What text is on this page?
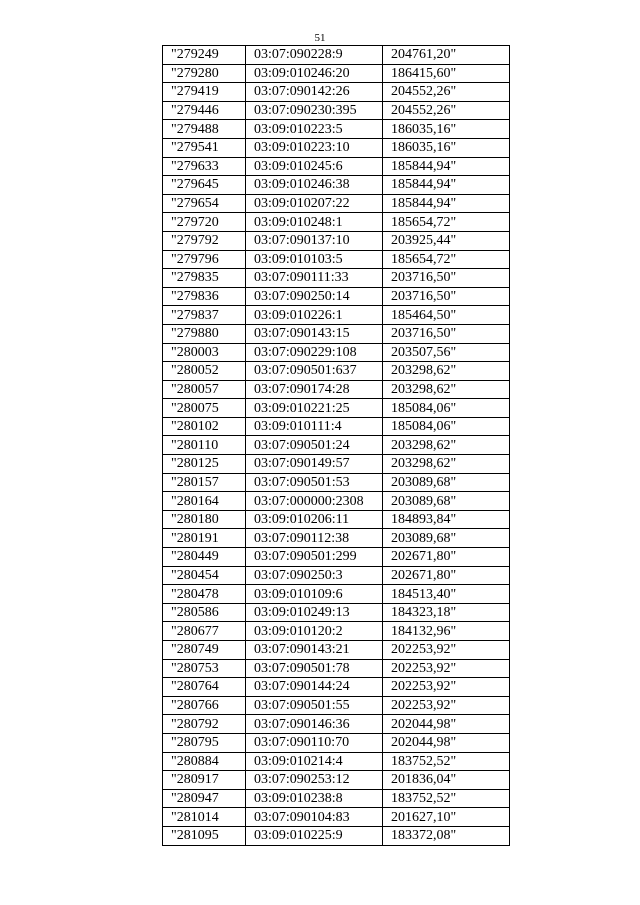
51
"279249	03:07:090228:9	204761,20"
"279280	03:09:010246:20	186415,60"
"279419	03:07:090142:26	204552,26"
"279446	03:07:090230:395	204552,26"
"279488	03:09:010223:5	186035,16"
"279541	03:09:010223:10	186035,16"
"279633	03:09:010245:6	185844,94"
"279645	03:09:010246:38	185844,94"
"279654	03:09:010207:22	185844,94"
"279720	03:09:010248:1	185654,72"
"279792	03:07:090137:10	203925,44"
"279796	03:09:010103:5	185654,72"
"279835	03:07:090111:33	203716,50"
"279836	03:07:090250:14	203716,50"
"279837	03:09:010226:1	185464,50"
"279880	03:07:090143:15	203716,50"
"280003	03:07:090229:108	203507,56"
"280052	03:07:090501:637	203298,62"
"280057	03:07:090174:28	203298,62"
"280075	03:09:010221:25	185084,06"
"280102	03:09:010111:4	185084,06"
"280110	03:07:090501:24	203298,62"
"280125	03:07:090149:57	203298,62"
"280157	03:07:090501:53	203089,68"
"280164	03:07:000000:2308	203089,68"
"280180	03:09:010206:11	184893,84"
"280191	03:07:090112:38	203089,68"
"280449	03:07:090501:299	202671,80"
"280454	03:07:090250:3	202671,80"
"280478	03:09:010109:6	184513,40"
"280586	03:09:010249:13	184323,18"
"280677	03:09:010120:2	184132,96"
"280749	03:07:090143:21	202253,92"
"280753	03:07:090501:78	202253,92"
"280764	03:07:090144:24	202253,92"
"280766	03:07:090501:55	202253,92"
"280792	03:07:090146:36	202044,98"
"280795	03:07:090110:70	202044,98"
"280884	03:09:010214:4	183752,52"
"280917	03:07:090253:12	201836,04"
"280947	03:09:010238:8	183752,52"
"281014	03:07:090104:83	201627,10"
"281095	03:09:010225:9	183372,08"
